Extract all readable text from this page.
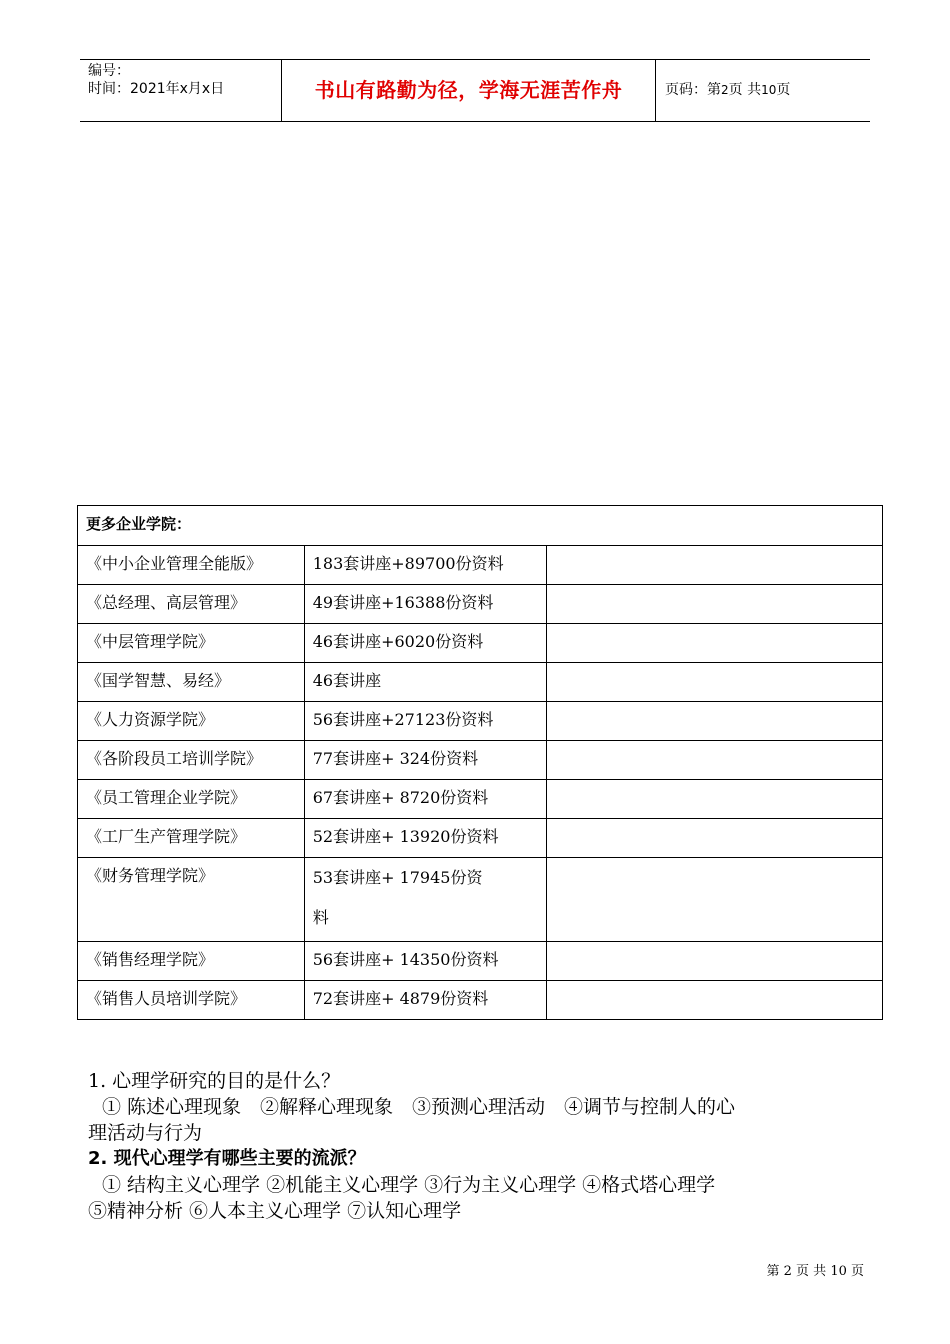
编号：
时间：2021年x月x日	书山有路勤为径，学海无涯苦作舟	页码：第2页 共10页
更多企业学院：		
《中小企业管理全能版》	183套讲座+89700份资料	
《总经理、高层管理》	49套讲座+16388份资料	
《中层管理学院》	46套讲座+6020份资料	
《国学智慧、易经》	46套讲座	
《人力资源学院》	56套讲座+27123份资料	
《各阶段员工培训学院》	77套讲座+ 324份资料	
《员工管理企业学院》	67套讲座+ 8720份资料	
《工厂生产管理学院》	52套讲座+ 13920份资料	
《财务管理学院》	53套讲座+ 17945份资
料	

《销售经理学院》	56套讲座+ 14350份资料	
《销售人员培训学院》	72套讲座+ 4879份资料	

1. 心理学研究的目的是什么？

① 陈述心理现象　②解释心理现象　③预测心理活动　④调节与控制人的心

理活动与行为

2. 现代心理学有哪些主要的流派？

① 结构主义心理学 ②机能主义心理学 ③行为主义心理学 ④格式塔心理学

⑤精神分析 ⑥人本主义心理学 ⑦认知心理学

第 2 页 共 10 页
